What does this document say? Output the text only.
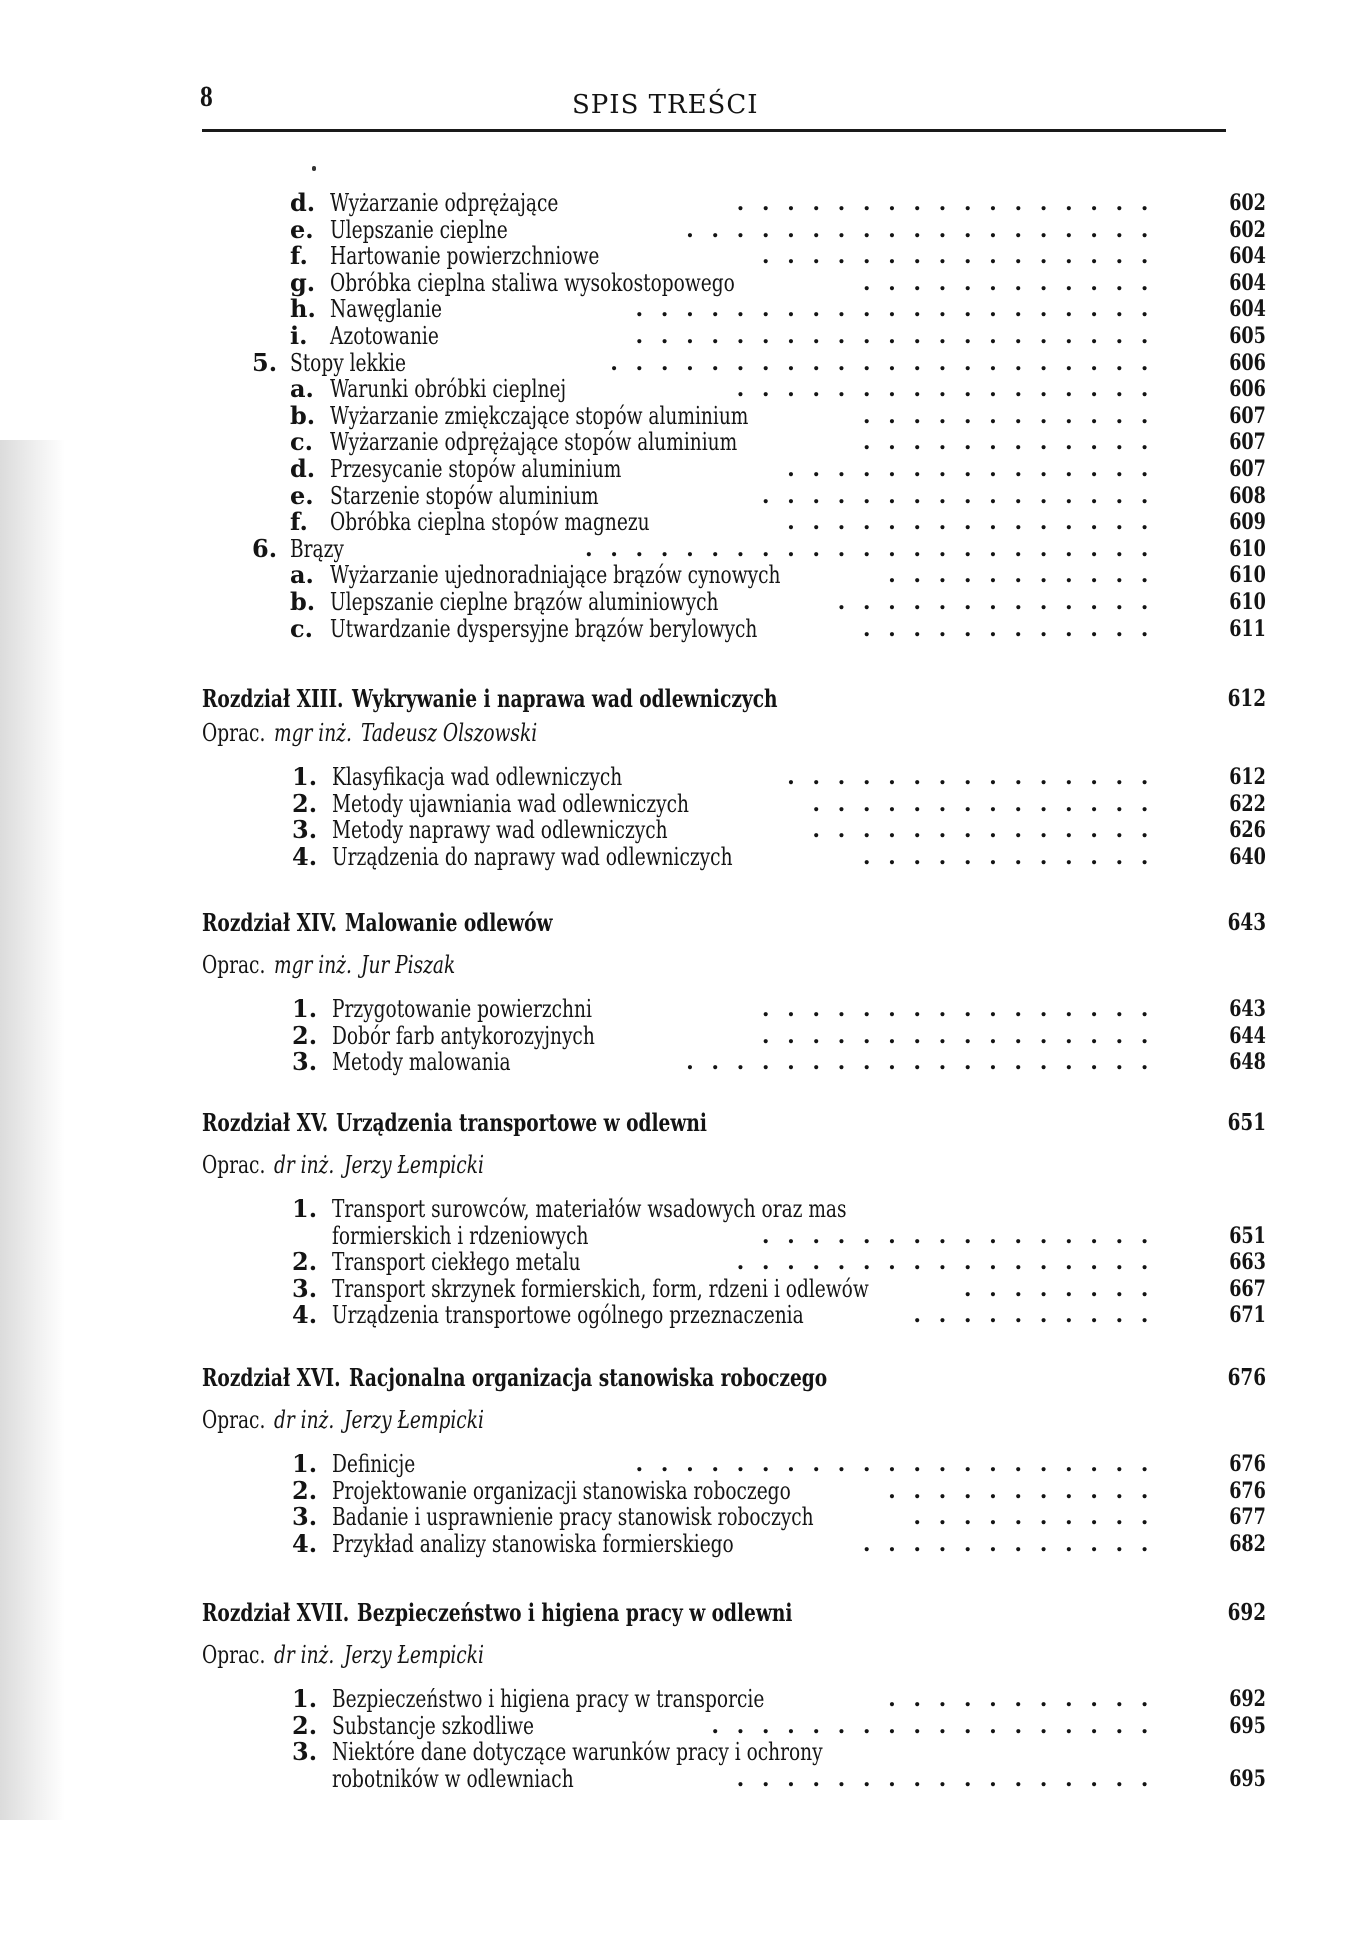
8	SPIS TREŚCI
d. Wyżarzanie odprężające	602
.................
e. Ulepszanie cieplne	602
...................
f. Hartowanie powierzchniowe	604
................
g. Obróbka cieplna staliwa wysokostopowego	604
............
h. Nawęglanie	604
.....................
i. Azotowanie	605
.....................
5. Stopy lekkie	606
......................
a. Warunki obróbki cieplnej	606
.................
b. Wyżarzanie zmiękczające stopów aluminium	607
............
c. Wyżarzanie odprężające stopów aluminium	607
............
d. Przesycanie stopów aluminium	607
...............
e. Starzenie stopów aluminium	608
................
f. Obróbka cieplna stopów magnezu	609
...............
6. Brązy	610
.......................
a. Wyżarzanie ujednoradniające brązów cynowych	610
...........
b. Ulepszanie cieplne brązów aluminiowych	610
.............
c. Utwardzanie dyspersyjne brązów berylowych	611
............
Rozdział XIII. Wykrywanie i naprawa wad odlewniczych	612
Oprac. mgr inż. Tadeusz Olszowski
1. Klasyfikacja wad odlewniczych	612
...............
2. Metody ujawniania wad odlewniczych	622
..............
3. Metody naprawy wad odlewniczych	626
..............
4. Urządzenia do naprawy wad odlewniczych	640
............
Rozdział XIV. Malowanie odlewów	643
Oprac. mgr inż. Jur Piszak
1. Przygotowanie powierzchni	643
................
2. Dobór farb antykorozyjnych	644
................
3. Metody malowania	648
...................
Rozdział XV. Urządzenia transportowe w odlewni	651
Oprac. dr inż. Jerzy Łempicki
1. Transport surowców, materiałów wsadowych oraz mas
formierskich i rdzeniowych	651
................
2. Transport ciekłego metalu	663
.................
3. Transport skrzynek formierskich, form, rdzeni i odlewów	667
........
4. Urządzenia transportowe ogólnego przeznaczenia	671
..........
Rozdział XVI. Racjonalna organizacja stanowiska roboczego	676
Oprac. dr inż. Jerzy Łempicki
1. Definicje	676
.....................
2. Projektowanie organizacji stanowiska roboczego	676
...........
3. Badanie i usprawnienie pracy stanowisk roboczych	677
..........
4. Przykład analizy stanowiska formierskiego	682
............
Rozdział XVII. Bezpieczeństwo i higiena pracy w odlewni	692
Oprac. dr inż. Jerzy Łempicki
1. Bezpieczeństwo i higiena pracy w transporcie	692
...........
2. Substancje szkodliwe	695
..................
3. Niektóre dane dotyczące warunków pracy i ochrony
robotników w odlewniach	695
.................
